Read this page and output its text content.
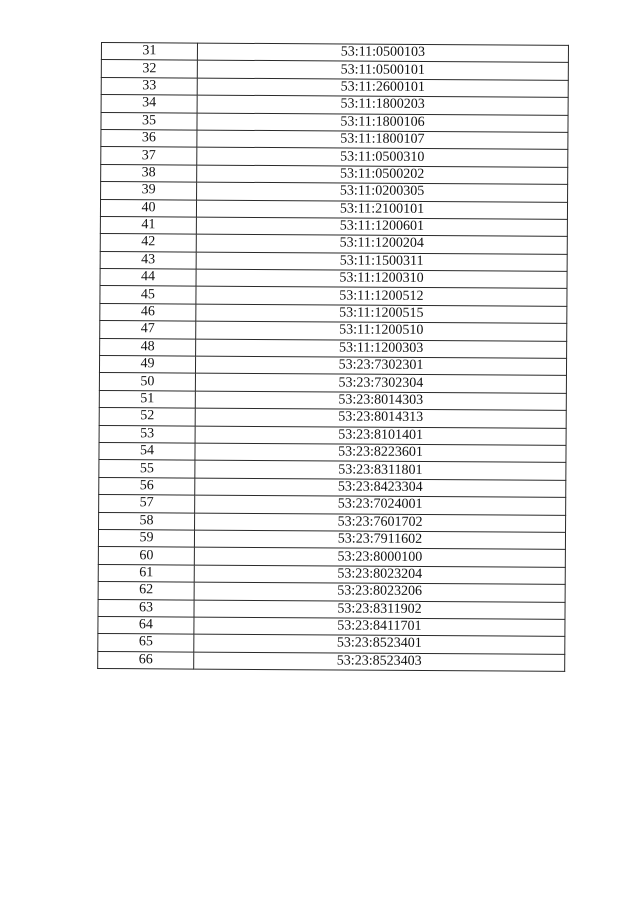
31	53:11:0500103
32	53:11:0500101
33	53:11:2600101
34	53:11:1800203
35	53:11:1800106
36	53:11:1800107
37	53:11:0500310
38	53:11:0500202
39	53:11:0200305
40	53:11:2100101
41	53:11:1200601
42	53:11:1200204
43	53:11:1500311
44	53:11:1200310
45	53:11:1200512
46	53:11:1200515
47	53:11:1200510
48	53:11:1200303
49	53:23:7302301
50	53:23:7302304
51	53:23:8014303
52	53:23:8014313
53	53:23:8101401
54	53:23:8223601
55	53:23:8311801
56	53:23:8423304
57	53:23:7024001
58	53:23:7601702
59	53:23:7911602
60	53:23:8000100
61	53:23:8023204
62	53:23:8023206
63	53:23:8311902
64	53:23:8411701
65	53:23:8523401
66	53:23:8523403
